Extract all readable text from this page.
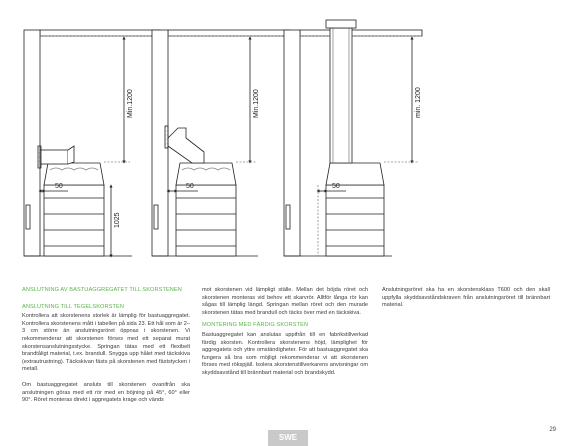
Min.1200
1025
50
Min.1200
50
min. 1200
50
ANSLUTNING AV BASTUAGGREGATET TILL SKORSTENEN
ANSLUTNING TILL TEGELSKORSTEN

Kontrollera att skorstenens storlek är lämplig för bastuaggregatet. Kontrollera skorstenens mått i tabellen på sida 23. Ett hål som är 2–3 cm större än anslutningsröret öppnas i skorstenen. Vi rekommenderar att skorstenen förses med ett separat murat skorstensanslutningsstycke. Springan tätas med ett flexibelt brandtåligt material, t.ex. brandull. Snygga upp hålet med täckskiva (extrautrustning). Täckskivan fästs på skorstenen med fäststycken i metall.

Om bastuaggregatet ansluts till skorstenen ovanifrån ska anslutningen göras med ett rör med en böjning på 45°, 60° eller 90°. Röret monteras direkt i aggregatets krage och vänds

mot skorstenen vid lämpligt ställe. Mellan det böjda röret och skorstenen monteras vid behov ett skarvrör. Alltför långa rör kan sågas till lämplig längd. Springan mellan röret och den murade skorstenen tätas med brandull och täcks över med en täckskiva.

MONTERING MED FÄRDIG SKORSTEN

Bastuaggregatet kan anslutas uppifrån till en fabrikstillverkad färdig skorsten. Kontrollera skorstenens höjd, lämplighet för aggregatets och yttre omständigheter. För att bastuaggregatet ska fungera så bra som möjligt rekommenderar vi att skorstenen förses med rökspjäll. Isolera skorstenstillverkarens anvisningar om skyddsavstånd till brännbart material och brandskydd.

Anslutningsröret ska ha en skorstensklass T600 och den skall uppfylla skyddsavståndskraven från anslutningsröret till brännbart material.

29
SWE
